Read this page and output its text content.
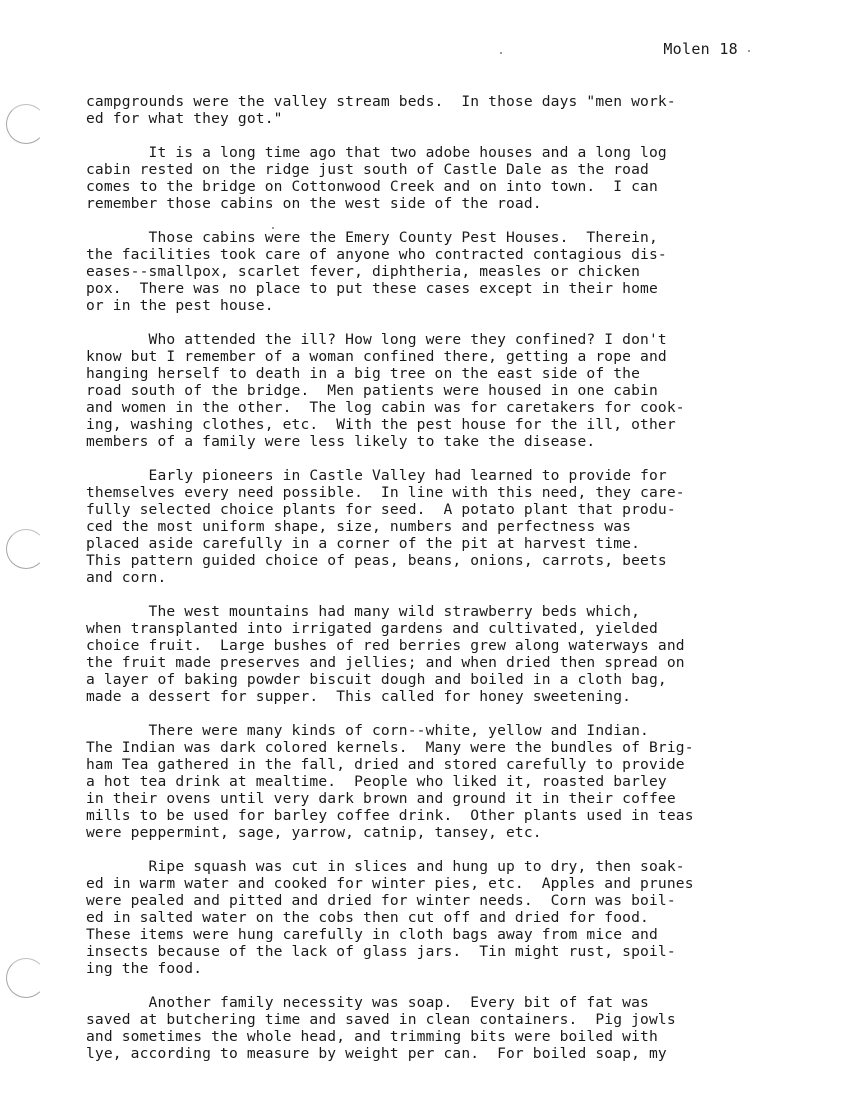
Molen 18
campgrounds were the valley stream beds.  In those days "men work-
ed for what they got."
It is a long time ago that two adobe houses and a long log
cabin rested on the ridge just south of Castle Dale as the road
comes to the bridge on Cottonwood Creek and on into town.  I can
remember those cabins on the west side of the road.
Those cabins were the Emery County Pest Houses.  Therein,
the facilities took care of anyone who contracted contagious dis-
eases--smallpox, scarlet fever, diphtheria, measles or chicken
pox.  There was no place to put these cases except in their home
or in the pest house.
Who attended the ill? How long were they confined? I don't
know but I remember of a woman confined there, getting a rope and
hanging herself to death in a big tree on the east side of the
road south of the bridge.  Men patients were housed in one cabin
and women in the other.  The log cabin was for caretakers for cook-
ing, washing clothes, etc.  With the pest house for the ill, other
members of a family were less likely to take the disease.
Early pioneers in Castle Valley had learned to provide for
themselves every need possible.  In line with this need, they care-
fully selected choice plants for seed.  A potato plant that produ-
ced the most uniform shape, size, numbers and perfectness was
placed aside carefully in a corner of the pit at harvest time.
This pattern guided choice of peas, beans, onions, carrots, beets
and corn.
The west mountains had many wild strawberry beds which,
when transplanted into irrigated gardens and cultivated, yielded
choice fruit.  Large bushes of red berries grew along waterways and
the fruit made preserves and jellies; and when dried then spread on
a layer of baking powder biscuit dough and boiled in a cloth bag,
made a dessert for supper.  This called for honey sweetening.
There were many kinds of corn--white, yellow and Indian.
The Indian was dark colored kernels.  Many were the bundles of Brig-
ham Tea gathered in the fall, dried and stored carefully to provide
a hot tea drink at mealtime.  People who liked it, roasted barley
in their ovens until very dark brown and ground it in their coffee
mills to be used for barley coffee drink.  Other plants used in teas
were peppermint, sage, yarrow, catnip, tansey, etc.
Ripe squash was cut in slices and hung up to dry, then soak-
ed in warm water and cooked for winter pies, etc.  Apples and prunes
were pealed and pitted and dried for winter needs.  Corn was boil-
ed in salted water on the cobs then cut off and dried for food.
These items were hung carefully in cloth bags away from mice and
insects because of the lack of glass jars.  Tin might rust, spoil-
ing the food.
Another family necessity was soap.  Every bit of fat was
saved at butchering time and saved in clean containers.  Pig jowls
and sometimes the whole head, and trimming bits were boiled with
lye, according to measure by weight per can.  For boiled soap, my
